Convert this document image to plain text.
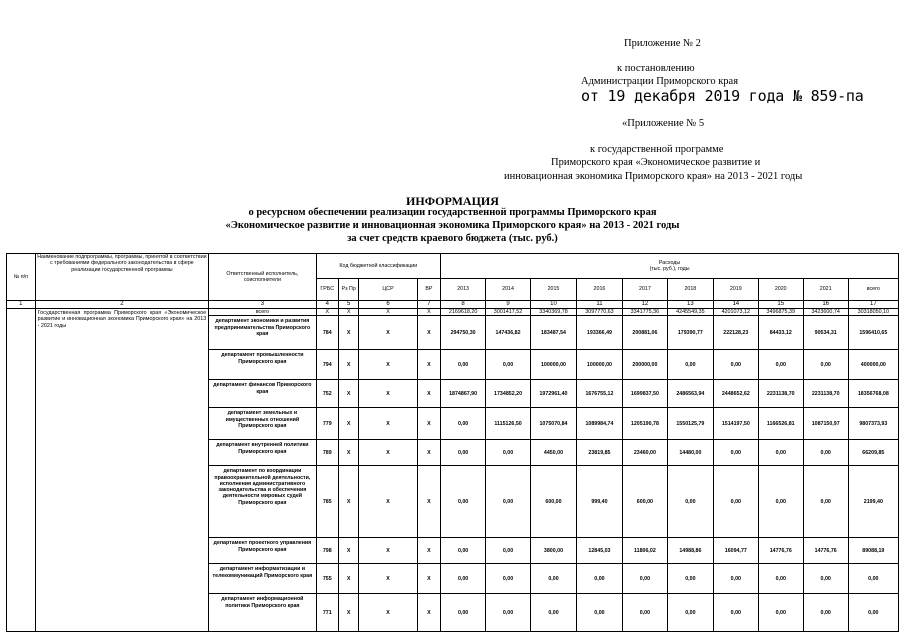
Приложение № 2
к постановлению
Администрации Приморского края
от 19 декабря 2019 года № 859-па
«Приложение № 5
к государственной программе
Приморского края «Экономическое развитие и
инновационная экономика Приморского края» на 2013 - 2021 годы
ИНФОРМАЦИЯ
о ресурсном обеспечении реализации государственной программы Приморского края
«Экономическое развитие и инновационная экономика Приморского края» на 2013 - 2021 годы
за счет средств краевого бюджета (тыс. руб.)
№ п/п	Наименование подпрограммы, программы, принятой в соответствии с требованиями федерального законодательства в сфере реализации государственной программы	Ответственный исполнитель, соисполнители	Код бюджетной классификации				Расходы
(тыс. руб.), годы									
			ГРБС	Рз Пр	ЦСР	ВР	2013	2014	2015	2016	2017	2018	2019	2020	2021	всего

1	2	3	4	5	6	7	8	9	10	11	12	13	14	15	16	17
	Государственная программа Приморского края «Экономическое развитие и инновационная экономика Приморского края» на 2013 - 2021 годы	всего	X	X	X	X	2169618,20	3001417,52	3340369,78	3097770,63	3341775,36	4245549,35	4201073,12	3496875,39	3423600,74	30318050,10
		департамент экономики и развития предпринимательства Приморского края	784	X	X	X	294750,30	147436,82	183487,54	193366,49	200881,06	179390,77	222128,23	84433,12	90534,31	1596410,65
		департамент промышленности Приморского края	794	X	X	X	0,00	0,00	100000,00	100000,00	200000,00	0,00	0,00	0,00	0,00	400000,00
		департамент финансов Приморского края	752	X	X	X	1874867,90	1734852,20	1972961,40	1676755,12	1699837,50	2486563,94	2448652,62	2231138,70	2231138,70	18356768,08
		департамент земельных и имущественных отношений Приморского края	779	X	X	X	0,00	1115126,50	1075070,84	1089984,74	1205190,78	1550125,79	1514197,50	1166526,81	1087150,97	9807373,93
		департамент внутренней политики Приморского края	789	X	X	X	0,00	0,00	4450,00	23819,85	23460,00	14480,00	0,00	0,00	0,00	66209,85
		департамент по координации правоохранительной деятельности, исполнения административного законодательства и обеспечения деятельности мировых судей Приморского края	785	X	X	X	0,00	0,00	600,00	999,40	600,00	0,00	0,00	0,00	0,00	2199,40
		департамент проектного управления Приморского края	798	X	X	X	0,00	0,00	3800,00	12845,03	11806,02	14988,86	16094,77	14776,76	14776,76	89088,19
		департамент информатизации и телекоммуникаций Приморского края	755	X	X	X	0,00	0,00	0,00	0,00	0,00	0,00	0,00	0,00	0,00	0,00
		департамент информационной политики Приморского края	771	X	X	X	0,00	0,00	0,00	0,00	0,00	0,00	0,00	0,00	0,00	0,00
